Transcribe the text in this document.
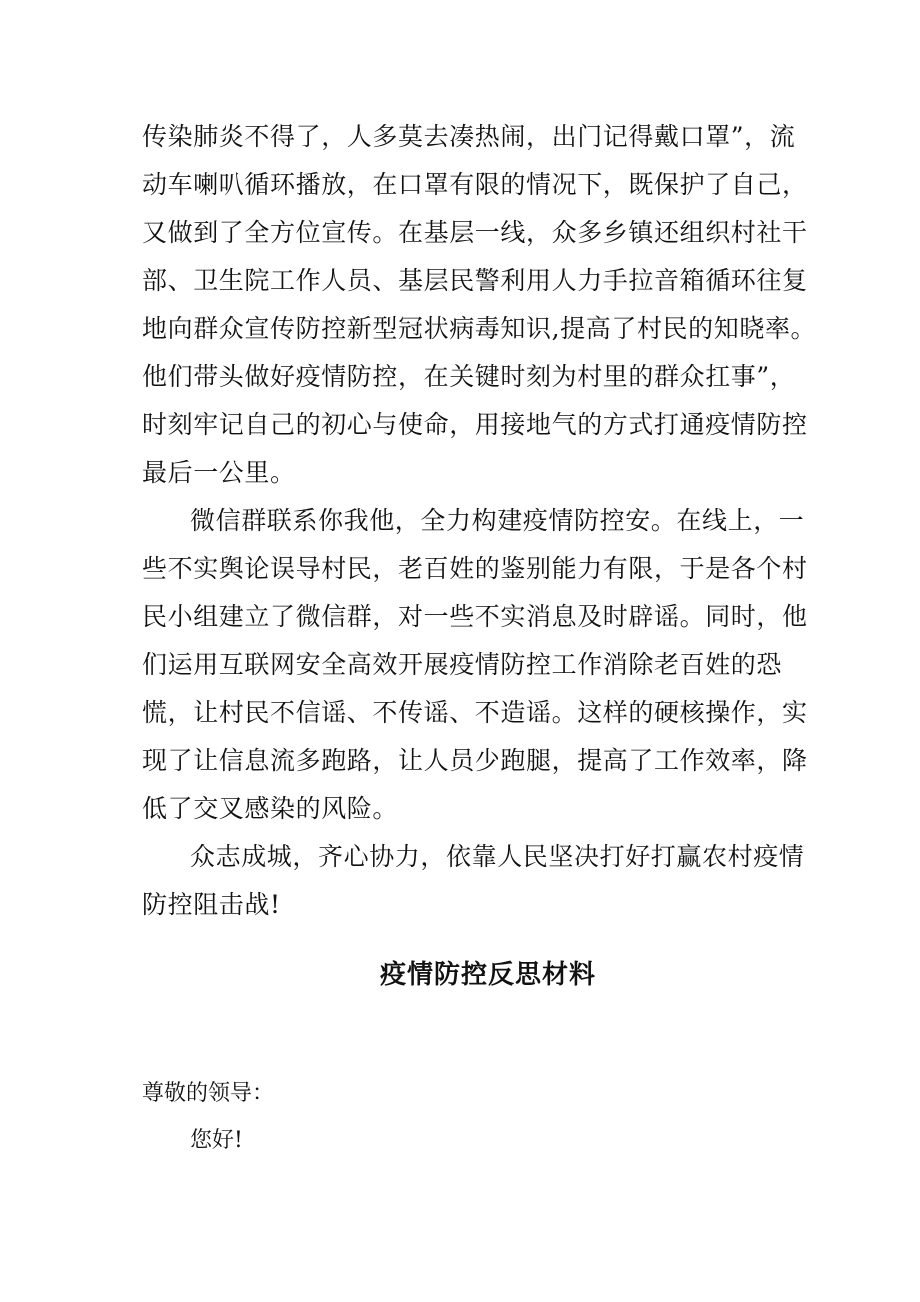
传染肺炎不得了，人多莫去凑热闹，出门记得戴口罩”，流
动车喇叭循环播放，在口罩有限的情况下，既保护了自己，
又做到了全方位宣传。在基层一线，众多乡镇还组织村社干
部、卫生院工作人员、基层民警利用人力手拉音箱循环往复
地向群众宣传防控新型冠状病毒知识,提高了村民的知晓率。
他们带头做好疫情防控，在关键时刻为村里的群众扛事”，
时刻牢记自己的初心与使命，用接地气的方式打通疫情防控
最后一公里。
微信群联系你我他，全力构建疫情防控安。在线上，一
些不实舆论误导村民，老百姓的鉴别能力有限，于是各个村
民小组建立了微信群，对一些不实消息及时辟谣。同时，他
们运用互联网安全高效开展疫情防控工作消除老百姓的恐
慌，让村民不信谣、不传谣、不造谣。这样的硬核操作，实
现了让信息流多跑路，让人员少跑腿，提高了工作效率，降
低了交叉感染的风险。
众志成城，齐心协力，依靠人民坚决打好打赢农村疫情
防控阻击战!
疫情防控反思材料
尊敬的领导：
您好!
